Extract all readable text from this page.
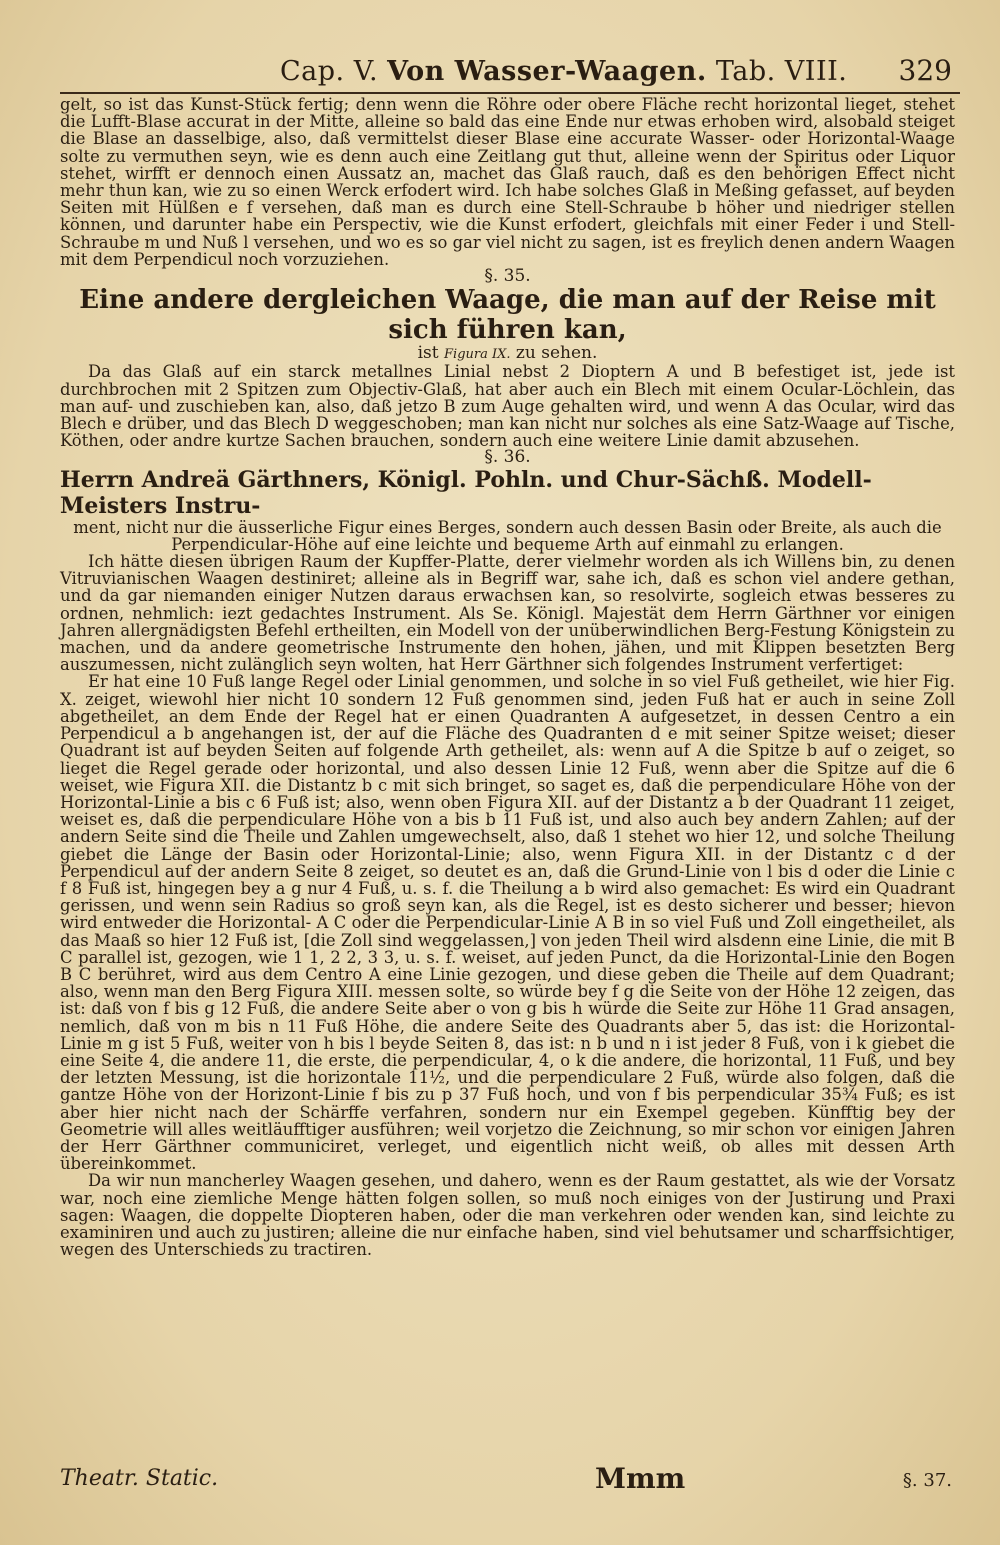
Cap. V. Von Wasser-Waagen. Tab. VIII. 329

gelt, so ist das Kunst-Stück fertig; denn wenn die Röhre oder obere Fläche recht horizontal lieget, stehet die Lufft-Blase accurat in der Mitte, alleine so bald das eine Ende nur etwas erhoben wird, alsobald steiget die Blase an dasselbige, also, daß vermittelst dieser Blase eine accurate Wasser- oder Horizontal-Waage solte zu vermuthen seyn, wie es denn auch eine Zeitlang gut thut, alleine wenn der Spiritus oder Liquor stehet, wirfft er dennoch einen Aussatz an, machet das Glaß rauch, daß es den behörigen Effect nicht mehr thun kan, wie zu so einen Werck erfodert wird. Ich habe solches Glaß in Meßing gefasset, auf beyden Seiten mit Hülßen e f versehen, daß man es durch eine Stell-Schraube b höher und niedriger stellen können, und darunter habe ein Perspectiv, wie die Kunst erfodert, gleichfals mit einer Feder i und Stell-Schraube m und Nuß l versehen, und wo es so gar viel nicht zu sagen, ist es freylich denen andern Waagen mit dem Perpendicul noch vorzuziehen.

§. 35.

Eine andere dergleichen Waage, die man auf der Reise mit sich führen kan,

ist Figura IX. zu sehen.

Da das Glaß auf ein starck metallnes Linial nebst 2 Dioptern A und B befestiget ist, jede ist durchbrochen mit 2 Spitzen zum Objectiv-Glaß, hat aber auch ein Blech mit einem Ocular-Löchlein, das man auf- und zuschieben kan, also, daß jetzo B zum Auge gehalten wird, und wenn A das Ocular, wird das Blech e drüber, und das Blech D weggeschoben; man kan nicht nur solches als eine Satz-Waage auf Tische, Köthen, oder andre kurtze Sachen brauchen, sondern auch eine weitere Linie damit abzusehen.

§. 36.

Herrn Andreä Gärthners, Königl. Pohln. und Chur-Sächß. Modell-Meisters Instru-

ment, nicht nur die äusserliche Figur eines Berges, sondern auch dessen Basin oder Breite, als auch die Perpendicular-Höhe auf eine leichte und bequeme Arth auf einmahl zu erlangen.

Ich hätte diesen übrigen Raum der Kupffer-Platte, derer vielmehr worden als ich Willens bin, zu denen Vitruvianischen Waagen destiniret; alleine als in Begriff war, sahe ich, daß es schon viel andere gethan, und da gar niemanden einiger Nutzen daraus erwachsen kan, so resolvirte, sogleich etwas besseres zu ordnen, nehmlich: iezt gedachtes Instrument. Als Se. Königl. Majestät dem Herrn Gärthner vor einigen Jahren allergnädigsten Befehl ertheilten, ein Modell von der unüberwindlichen Berg-Festung Königstein zu machen, und da andere geometrische Instrumente den hohen, jähen, und mit Klippen besetzten Berg auszumessen, nicht zulänglich seyn wolten, hat Herr Gärthner sich folgendes Instrument verfertiget:

Er hat eine 10 Fuß lange Regel oder Linial genommen, und solche in so viel Fuß getheilet, wie hier Fig. X. zeiget, wiewohl hier nicht 10 sondern 12 Fuß genommen sind, jeden Fuß hat er auch in seine Zoll abgetheilet, an dem Ende der Regel hat er einen Quadranten A aufgesetzet, in dessen Centro a ein Perpendicul a b angehangen ist, der auf die Fläche des Quadranten d e mit seiner Spitze weiset; dieser Quadrant ist auf beyden Seiten auf folgende Arth getheilet, als: wenn auf A die Spitze b auf o zeiget, so lieget die Regel gerade oder horizontal, und also dessen Linie 12 Fuß, wenn aber die Spitze auf die 6 weiset, wie Figura XII. die Distantz b c mit sich bringet, so saget es, daß die perpendiculare Höhe von der Horizontal-Linie a bis c 6 Fuß ist; also, wenn oben Figura XII. auf der Distantz a b der Quadrant 11 zeiget, weiset es, daß die perpendiculare Höhe von a bis b 11 Fuß ist, und also auch bey andern Zahlen; auf der andern Seite sind die Theile und Zahlen umgewechselt, also, daß 1 stehet wo hier 12, und solche Theilung giebet die Länge der Basin oder Horizontal-Linie; also, wenn Figura XII. in der Distantz c d der Perpendicul auf der andern Seite 8 zeiget, so deutet es an, daß die Grund-Linie von l bis d oder die Linie c f 8 Fuß ist, hingegen bey a g nur 4 Fuß, u. s. f. die Theilung a b wird also gemachet: Es wird ein Quadrant gerissen, und wenn sein Radius so groß seyn kan, als die Regel, ist es desto sicherer und besser; hievon wird entweder die Horizontal- A C oder die Perpendicular-Linie A B in so viel Fuß und Zoll eingetheilet, als das Maaß so hier 12 Fuß ist, [die Zoll sind weggelassen,] von jeden Theil wird alsdenn eine Linie, die mit B C parallel ist, gezogen, wie 1 1, 2 2, 3 3, u. s. f. weiset, auf jeden Punct, da die Horizontal-Linie den Bogen B C berühret, wird aus dem Centro A eine Linie gezogen, und diese geben die Theile auf dem Quadrant; also, wenn man den Berg Figura XIII. messen solte, so würde bey f g die Seite von der Höhe 12 zeigen, das ist: daß von f bis g 12 Fuß, die andere Seite aber o von g bis h würde die Seite zur Höhe 11 Grad ansagen, nemlich, daß von m bis n 11 Fuß Höhe, die andere Seite des Quadrants aber 5, das ist: die Horizontal-Linie m g ist 5 Fuß, weiter von h bis l beyde Seiten 8, das ist: n b und n i ist jeder 8 Fuß, von i k giebet die eine Seite 4, die andere 11, die erste, die perpendicular, 4, o k die andere, die horizontal, 11 Fuß, und bey der letzten Messung, ist die horizontale 11½, und die perpendiculare 2 Fuß, würde also folgen, daß die gantze Höhe von der Horizont-Linie f bis zu p 37 Fuß hoch, und von f bis perpendicular 35¾ Fuß; es ist aber hier nicht nach der Schärffe verfahren, sondern nur ein Exempel gegeben. Künfftig bey der Geometrie will alles weitläufftiger ausführen; weil vorjetzo die Zeichnung, so mir schon vor einigen Jahren der Herr Gärthner communiciret, verleget, und eigentlich nicht weiß, ob alles mit dessen Arth übereinkommet.

Da wir nun mancherley Waagen gesehen, und dahero, wenn es der Raum gestattet, als wie der Vorsatz war, noch eine ziemliche Menge hätten folgen sollen, so muß noch einiges von der Justirung und Praxi sagen: Waagen, die doppelte Diopteren haben, oder die man verkehren oder wenden kan, sind leichte zu examiniren und auch zu justiren; alleine die nur einfache haben, sind viel behutsamer und scharffsichtiger, wegen des Unterschieds zu tractiren.

Theatr. Static.	Mmm	§. 37.
